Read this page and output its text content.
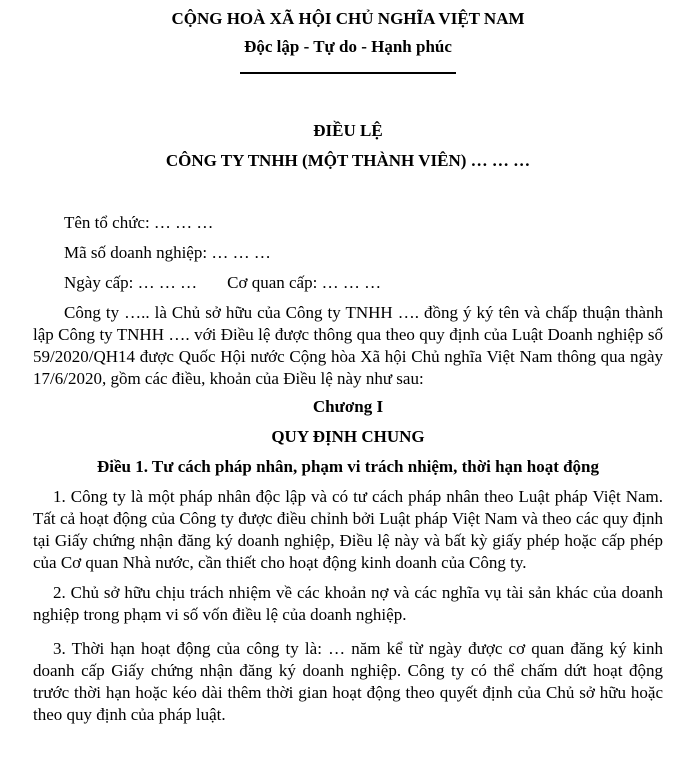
CỘNG HOÀ XÃ HỘI CHỦ NGHĨA VIỆT NAM

Độc lập - Tự do - Hạnh phúc

ĐIỀU LỆ

CÔNG TY TNHH (MỘT THÀNH VIÊN) … … …

Tên tổ chức: … … …

Mã số doanh nghiệp: … … …

Ngày cấp: … … … Cơ quan cấp: … … …

Công ty ….. là Chủ sở hữu của Công ty TNHH …. đồng ý ký tên và chấp thuận thành lập Công ty TNHH …. với Điều lệ được thông qua theo quy định của Luật Doanh nghiệp số 59/2020/QH14 được Quốc Hội nước Cộng hòa Xã hội Chủ nghĩa Việt Nam thông qua ngày 17/6/2020, gồm các điều, khoản của Điều lệ này như sau:

Chương I

QUY ĐỊNH CHUNG

Điều 1. Tư cách pháp nhân, phạm vi trách nhiệm, thời hạn hoạt động

1. Công ty là một pháp nhân độc lập và có tư cách pháp nhân theo Luật pháp Việt Nam. Tất cả hoạt động của Công ty được điều chỉnh bởi Luật pháp Việt Nam và theo các quy định tại Giấy chứng nhận đăng ký doanh nghiệp, Điều lệ này và bất kỳ giấy phép hoặc cấp phép của Cơ quan Nhà nước, cần thiết cho hoạt động kinh doanh của Công ty.

2. Chủ sở hữu chịu trách nhiệm về các khoản nợ và các nghĩa vụ tài sản khác của doanh nghiệp trong phạm vi số vốn điều lệ của doanh nghiệp.

3. Thời hạn hoạt động của công ty là: … năm kể từ ngày được cơ quan đăng ký kinh doanh cấp Giấy chứng nhận đăng ký doanh nghiệp. Công ty có thể chấm dứt hoạt động trước thời hạn hoặc kéo dài thêm thời gian hoạt động theo quyết định của Chủ sở hữu hoặc theo quy định của pháp luật.
